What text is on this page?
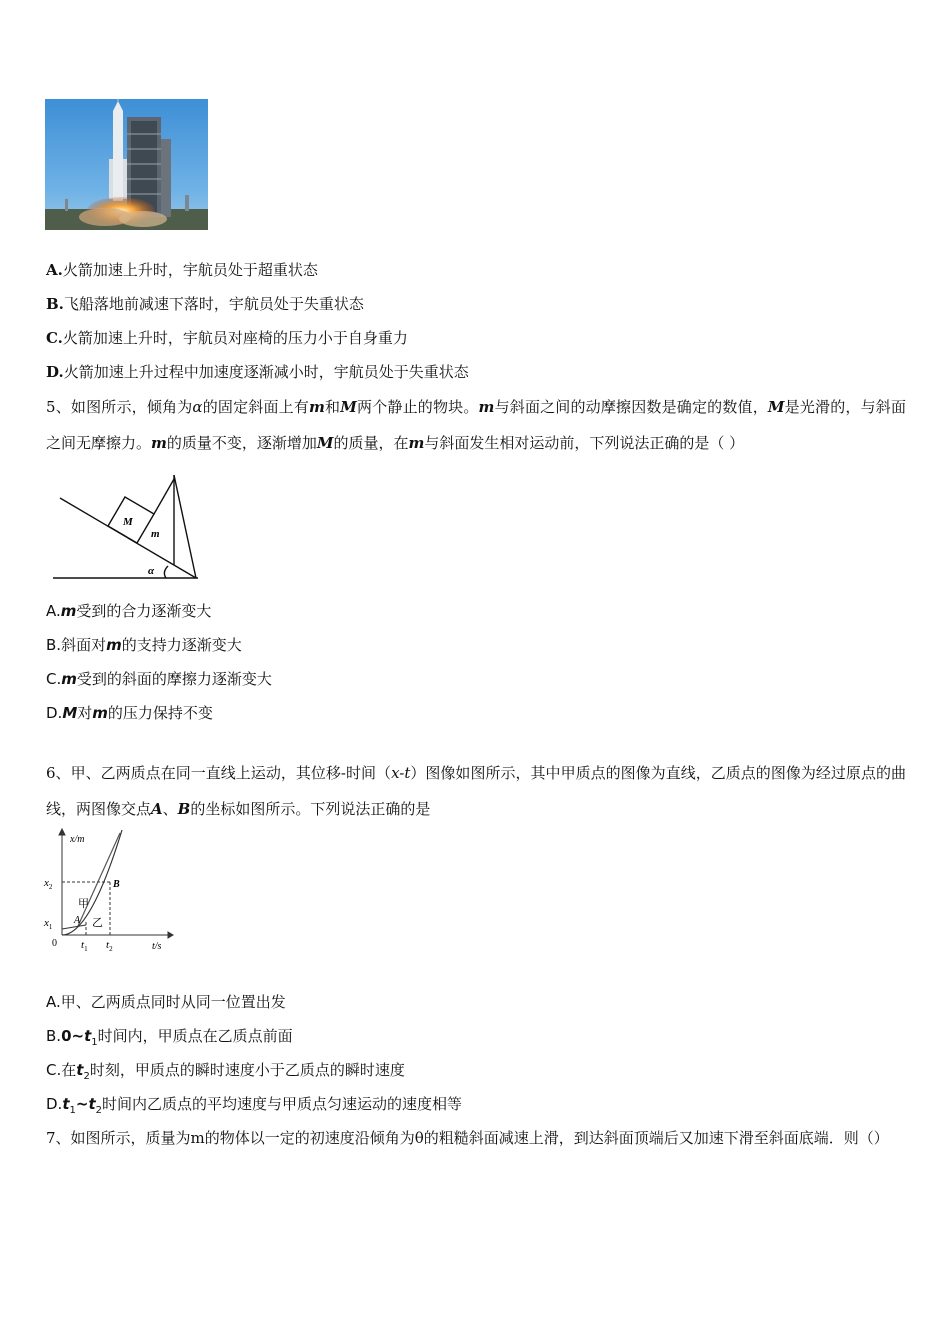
A.火箭加速上升时，宇航员处于超重状态
B.飞船落地前减速下落时，宇航员处于失重状态
C.火箭加速上升时，宇航员对座椅的压力小于自身重力
D.火箭加速上升过程中加速度逐渐减小时，宇航员处于失重状态
5、如图所示，倾角为α的固定斜面上有m和M两个静止的物块。m与斜面之间的动摩擦因数是确定的数值，M是光滑的，与斜面之间无摩擦力。m的质量不变，逐渐增加M的质量，在m与斜面发生相对运动前，下列说法正确的是（ ）
M
m
α
A.m受到的合力逐渐变大
B.斜面对m的支持力逐渐变大
C.m受到的斜面的摩擦力逐渐变大
D.M对m的压力保持不变
6、甲、乙两质点在同一直线上运动，其位移-时间（x-t）图像如图所示，其中甲质点的图像为直线，乙质点的图像为经过原点的曲线，两图像交点A、B的坐标如图所示。下列说法正确的是
x/m
t/s
0
$x_2$
$x_1$
$t_1$ $t_2$
A
B
甲
乙
A.甲、乙两质点同时从同一位置出发
$B.0\sim t_1$时间内，甲质点在乙质点前面
C.在$t_2$时刻，甲质点的瞬时速度小于乙质点的瞬时速度
$D.t_1\sim t_2$时间内乙质点的平均速度与甲质点匀速运动的速度相等
7、如图所示，质量为m的物体以一定的初速度沿倾角为θ的粗糙斜面减速上滑，到达斜面顶端后又加速下滑至斜面底端．则（）
